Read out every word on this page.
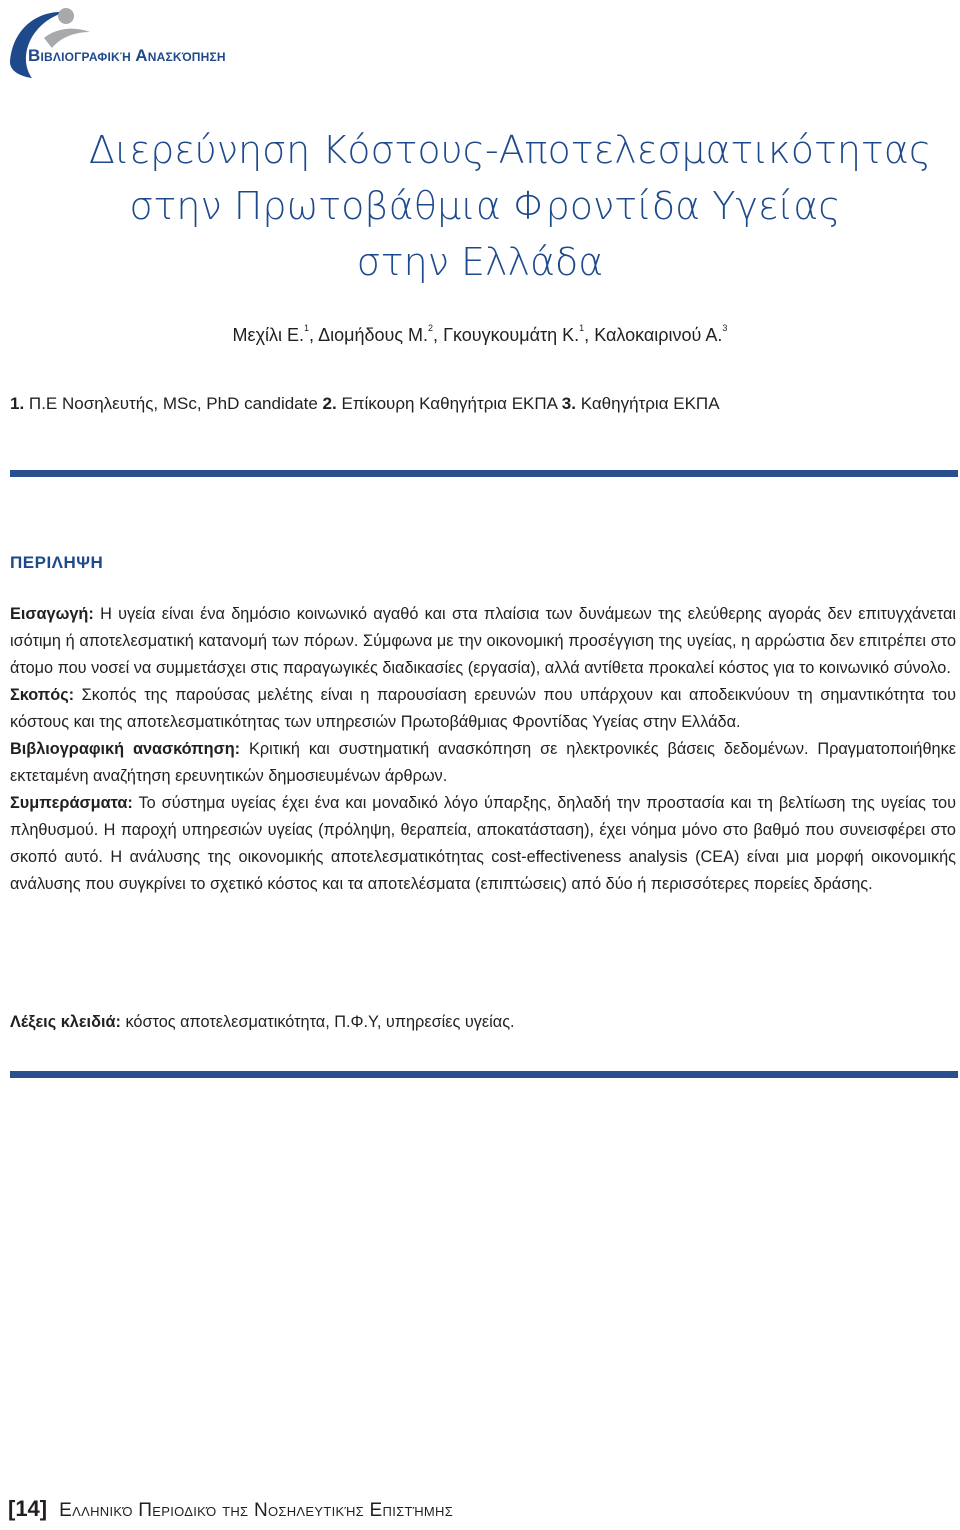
Βιβλιογραφική Ανασκόπηση
Διερεύνηση Κόστους-Αποτελεσματικότητας
στην Πρωτοβάθμια Φροντίδα Υγείας
στην Ελλάδα
Μεχίλι Ε.$^1$, Διομήδους Μ.$^2$, Γκουγκουμάτη Κ.$^1$, Καλοκαιρινού Α.$^3$
1. Π.Ε Νοσηλευτής, MSc, PhD candidate 2. Επίκουρη Καθηγήτρια ΕΚΠΑ 3. Καθηγήτρια ΕΚΠΑ
ΠΕΡΙΛΗΨΗ

Εισαγωγή: Η υγεία είναι ένα δημόσιο κοινωνικό αγαθό και στα πλαίσια των δυνάμεων της ελεύθερης αγοράς δεν επιτυγχάνεται ισότιμη ή αποτελεσματική κατανομή των πόρων. Σύμφωνα με την οικονομική προσέγγιση της υγείας, η αρρώστια δεν επιτρέπει στο άτομο που νοσεί να συμμετάσχει στις παραγωγικές διαδικασίες (εργασία), αλλά αντίθετα προκαλεί κόστος για το κοινωνικό σύνολο.

Σκοπός: Σκοπός της παρούσας μελέτης είναι η παρουσίαση ερευνών που υπάρχουν και αποδεικνύουν τη σημαντικότητα του κόστους και της αποτελεσματικότητας των υπηρεσιών Πρωτοβάθμιας Φροντίδας Υγείας στην Ελλάδα.

Βιβλιογραφική ανασκόπηση: Κριτική και συστηματική ανασκόπηση σε ηλεκτρονικές βάσεις δεδομένων. Πραγματοποιήθηκε εκτεταμένη αναζήτηση ερευνητικών δημοσιευμένων άρθρων.

Συμπεράσματα: Το σύστημα υγείας έχει ένα και μοναδικό λόγο ύπαρξης, δηλαδή την προστασία και τη βελτίωση της υγείας του πληθυσμού. Η παροχή υπηρεσιών υγείας (πρόληψη, θεραπεία, αποκατάσταση), έχει νόημα μόνο στο βαθμό που συνεισφέρει στο σκοπό αυτό. Η ανάλυσης της οικονομικής αποτελεσματικότητας cost-effectiveness analysis (CEA) είναι μια μορφή οικονομικής ανάλυσης που συγκρίνει το σχετικό κόστος και τα αποτελέσματα (επιπτώσεις) από δύο ή περισσότερες πορείες δράσης.

Λέξεις κλειδιά: κόστος αποτελεσματικότητα, Π.Φ.Υ, υπηρεσίες υγείας.
[14] Ελληνικό Περιοδικό της Νοσηλευτικής Επιστήμης
